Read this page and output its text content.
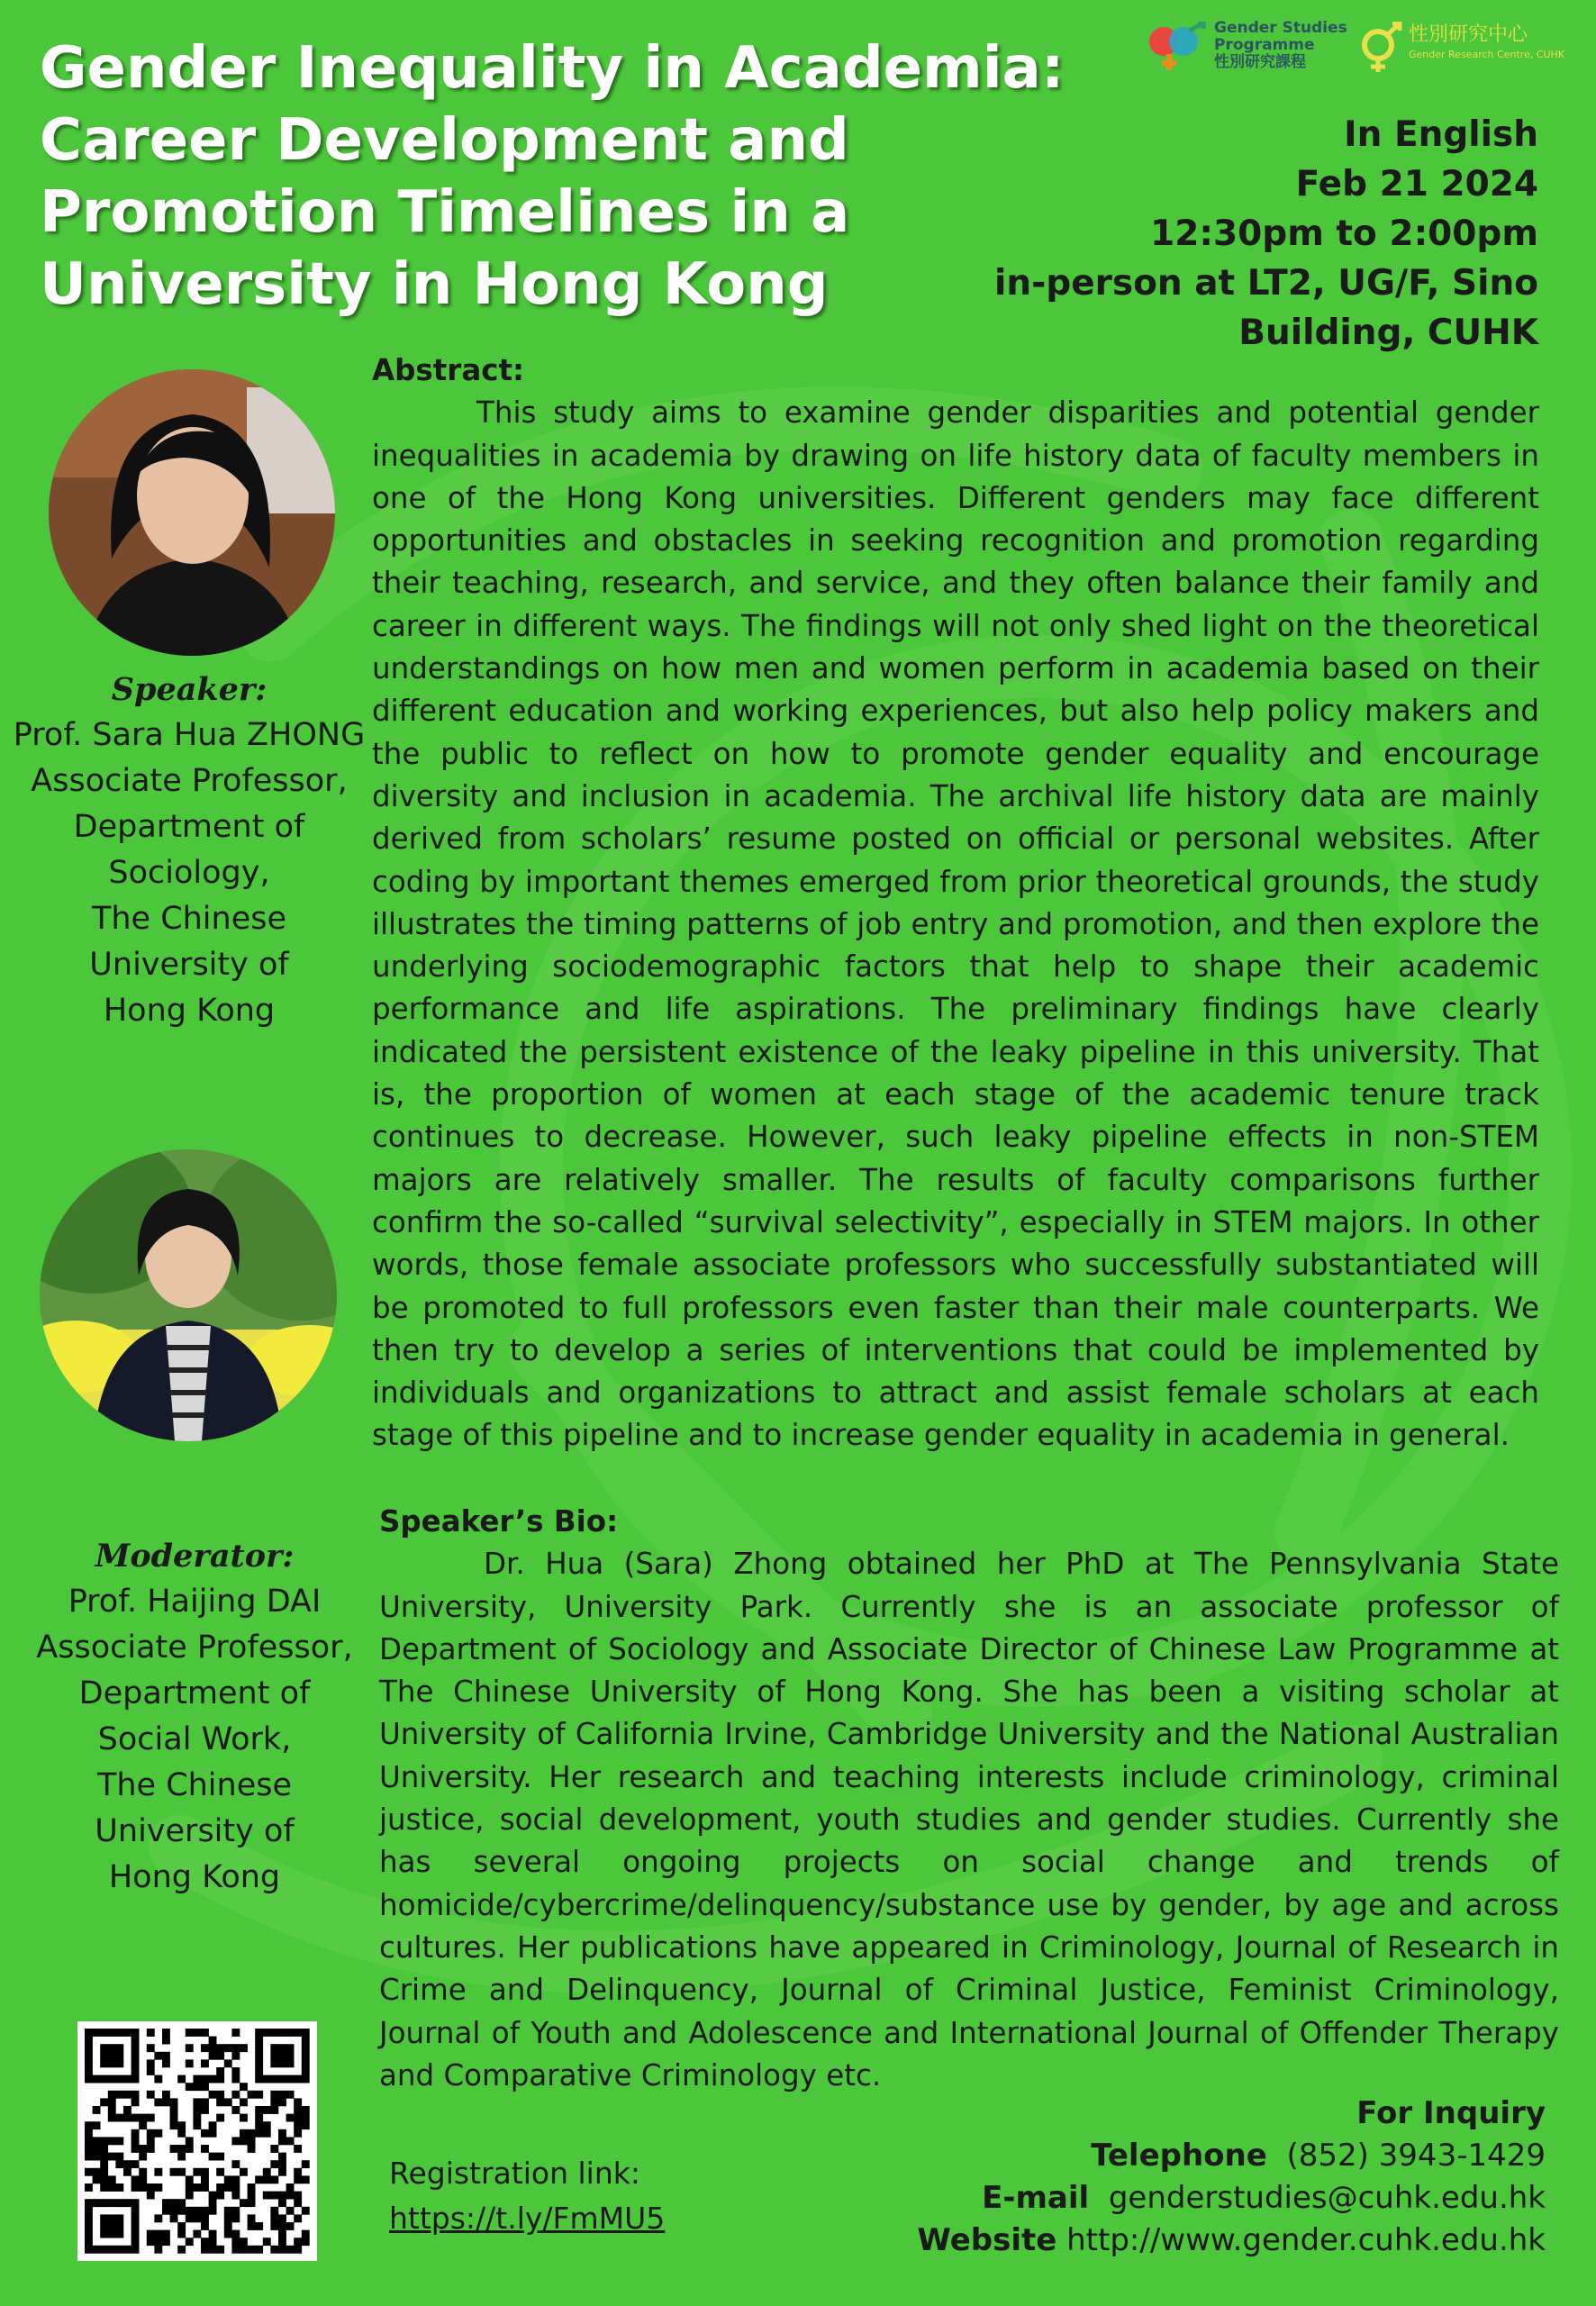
Gender Inequality in Academia:
Career Development and
Promotion Timelines in a
University in Hong Kong
Gender Studies
Programme
性別研究課程
性別研究中心
Gender Research Centre, CUHK
In English
Feb 21 2024
12:30pm to 2:00pm
in-person at LT2, UG/F, Sino
Building, CUHK
Speaker:
Prof. Sara Hua ZHONG
Associate Professor,
Department of
Sociology,
The Chinese
University of
Hong Kong
Moderator:
Prof. Haijing DAI
Associate Professor,
Department of
Social Work,
The Chinese
University of
Hong Kong
Abstract:
This study aims to examine gender disparities and potential gender inequalities in academia by drawing on life history data of faculty members in one of the Hong Kong universities. Different genders may face different opportunities and obstacles in seeking recognition and promotion regarding their teaching, research, and service, and they often balance their family and career in different ways. The findings will not only shed light on the theoretical understandings on how men and women perform in academia based on their different education and working experiences, but also help policy makers and the public to reflect on how to promote gender equality and encourage diversity and inclusion in academia. The archival life history data are mainly derived from scholars’ resume posted on official or personal websites. After coding by important themes emerged from prior theoretical grounds, the study illustrates the timing patterns of job entry and promotion, and then explore the underlying sociodemographic factors that help to shape their academic performance and life aspirations. The preliminary findings have clearly indicated the persistent existence of the leaky pipeline in this university. That is, the proportion of women at each stage of the academic tenure track continues to decrease. However, such leaky pipeline effects in non-STEM majors are relatively smaller. The results of faculty comparisons further confirm the so-called “survival selectivity”, especially in STEM majors. In other words, those female associate professors who successfully substantiated will be promoted to full professors even faster than their male counterparts. We then try to develop a series of interventions that could be implemented by individuals and organizations to attract and assist female scholars at each stage of this pipeline and to increase gender equality in academia in general.
Speaker’s Bio:
Dr. Hua (Sara) Zhong obtained her PhD at The Pennsylvania State University, University Park. Currently she is an associate professor of Department of Sociology and Associate Director of Chinese Law Programme at The Chinese University of Hong Kong. She has been a visiting scholar at University of California Irvine, Cambridge University and the National Australian University. Her research and teaching interests include criminology, criminal justice, social development, youth studies and gender studies. Currently she has several ongoing projects on social change and trends of homicide/cybercrime/delinquency/substance use by gender, by age and across cultures. Her publications have appeared in Criminology, Journal of Research in Crime and Delinquency, Journal of Criminal Justice, Feminist Criminology, Journal of Youth and Adolescence and International Journal of Offender Therapy and Comparative Criminology etc.
Registration link:
https://t.ly/FmMU5
For Inquiry
Telephone (852) 3943-1429
E-mail genderstudies@cuhk.edu.hk
Website http://www.gender.cuhk.edu.hk
